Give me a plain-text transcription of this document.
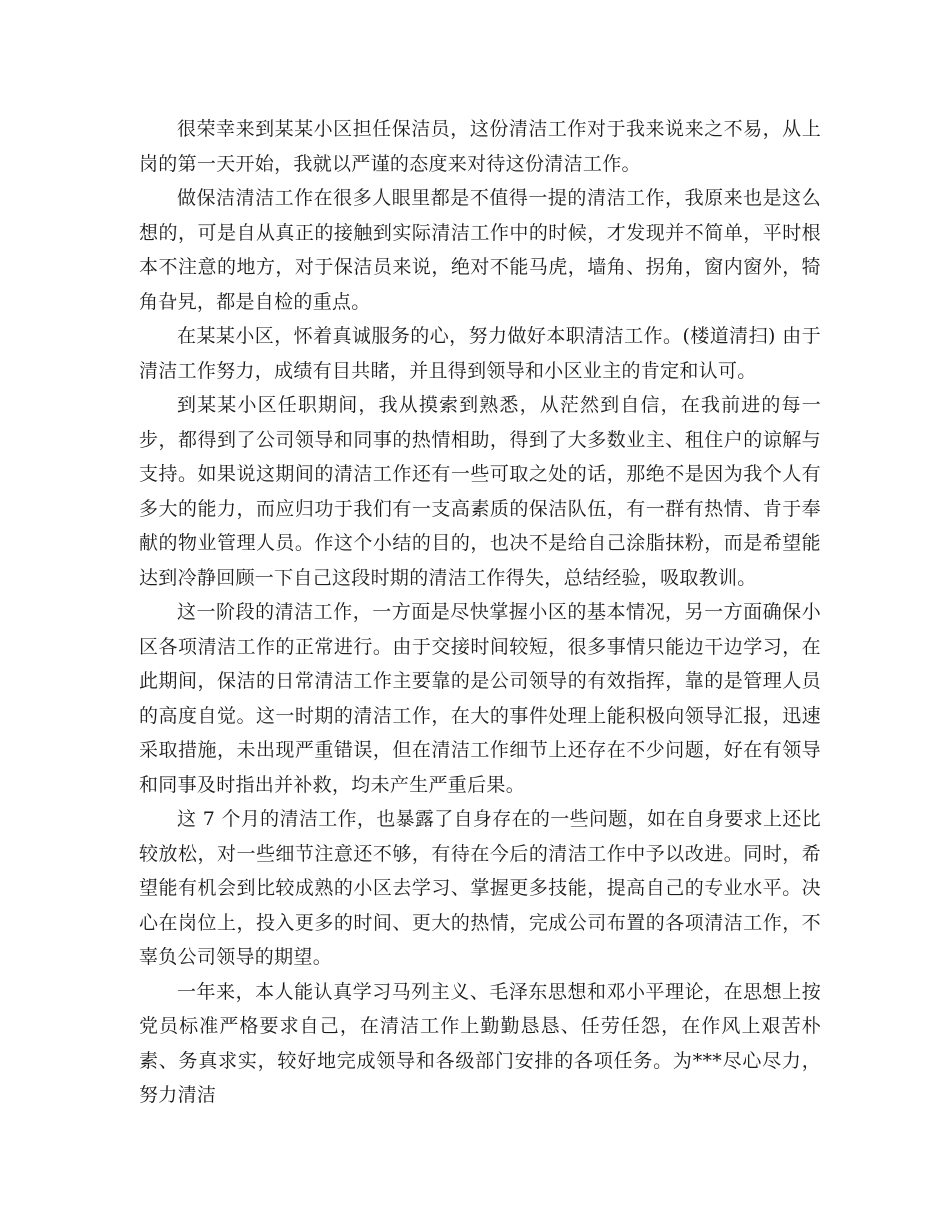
很荣幸来到某某小区担任保洁员，这份清洁工作对于我来说来之不易，从上岗的第一天开始，我就以严谨的态度来对待这份清洁工作。

做保洁清洁工作在很多人眼里都是不值得一提的清洁工作，我原来也是这么想的，可是自从真正的接触到实际清洁工作中的时候，才发现并不简单，平时根本不注意的地方，对于保洁员来说，绝对不能马虎，墙角、拐角，窗内窗外，犄角旮旯，都是自检的重点。

在某某小区，怀着真诚服务的心，努力做好本职清洁工作。(楼道清扫) 由于清洁工作努力，成绩有目共睹，并且得到领导和小区业主的肯定和认可。

到某某小区任职期间，我从摸索到熟悉，从茫然到自信，在我前进的每一步，都得到了公司领导和同事的热情相助，得到了大多数业主、租住户的谅解与支持。如果说这期间的清洁工作还有一些可取之处的话，那绝不是因为我个人有多大的能力，而应归功于我们有一支高素质的保洁队伍，有一群有热情、肯于奉献的物业管理人员。作这个小结的目的，也决不是给自己涂脂抹粉，而是希望能达到冷静回顾一下自己这段时期的清洁工作得失，总结经验，吸取教训。

这一阶段的清洁工作，一方面是尽快掌握小区的基本情况，另一方面确保小区各项清洁工作的正常进行。由于交接时间较短，很多事情只能边干边学习，在此期间，保洁的日常清洁工作主要靠的是公司领导的有效指挥，靠的是管理人员的高度自觉。这一时期的清洁工作，在大的事件处理上能积极向领导汇报，迅速采取措施，未出现严重错误，但在清洁工作细节上还存在不少问题，好在有领导和同事及时指出并补救，均未产生严重后果。

这 7 个月的清洁工作，也暴露了自身存在的一些问题，如在自身要求上还比较放松，对一些细节注意还不够，有待在今后的清洁工作中予以改进。同时，希望能有机会到比较成熟的小区去学习、掌握更多技能，提高自己的专业水平。决心在岗位上，投入更多的时间、更大的热情，完成公司布置的各项清洁工作，不辜负公司领导的期望。

一年来，本人能认真学习马列主义、毛泽东思想和邓小平理论，在思想上按党员标准严格要求自己，在清洁工作上勤勤恳恳、任劳任怨，在作风上艰苦朴素、务真求实，较好地完成领导和各级部门安排的各项任务。为***尽心尽力，努力清洁
